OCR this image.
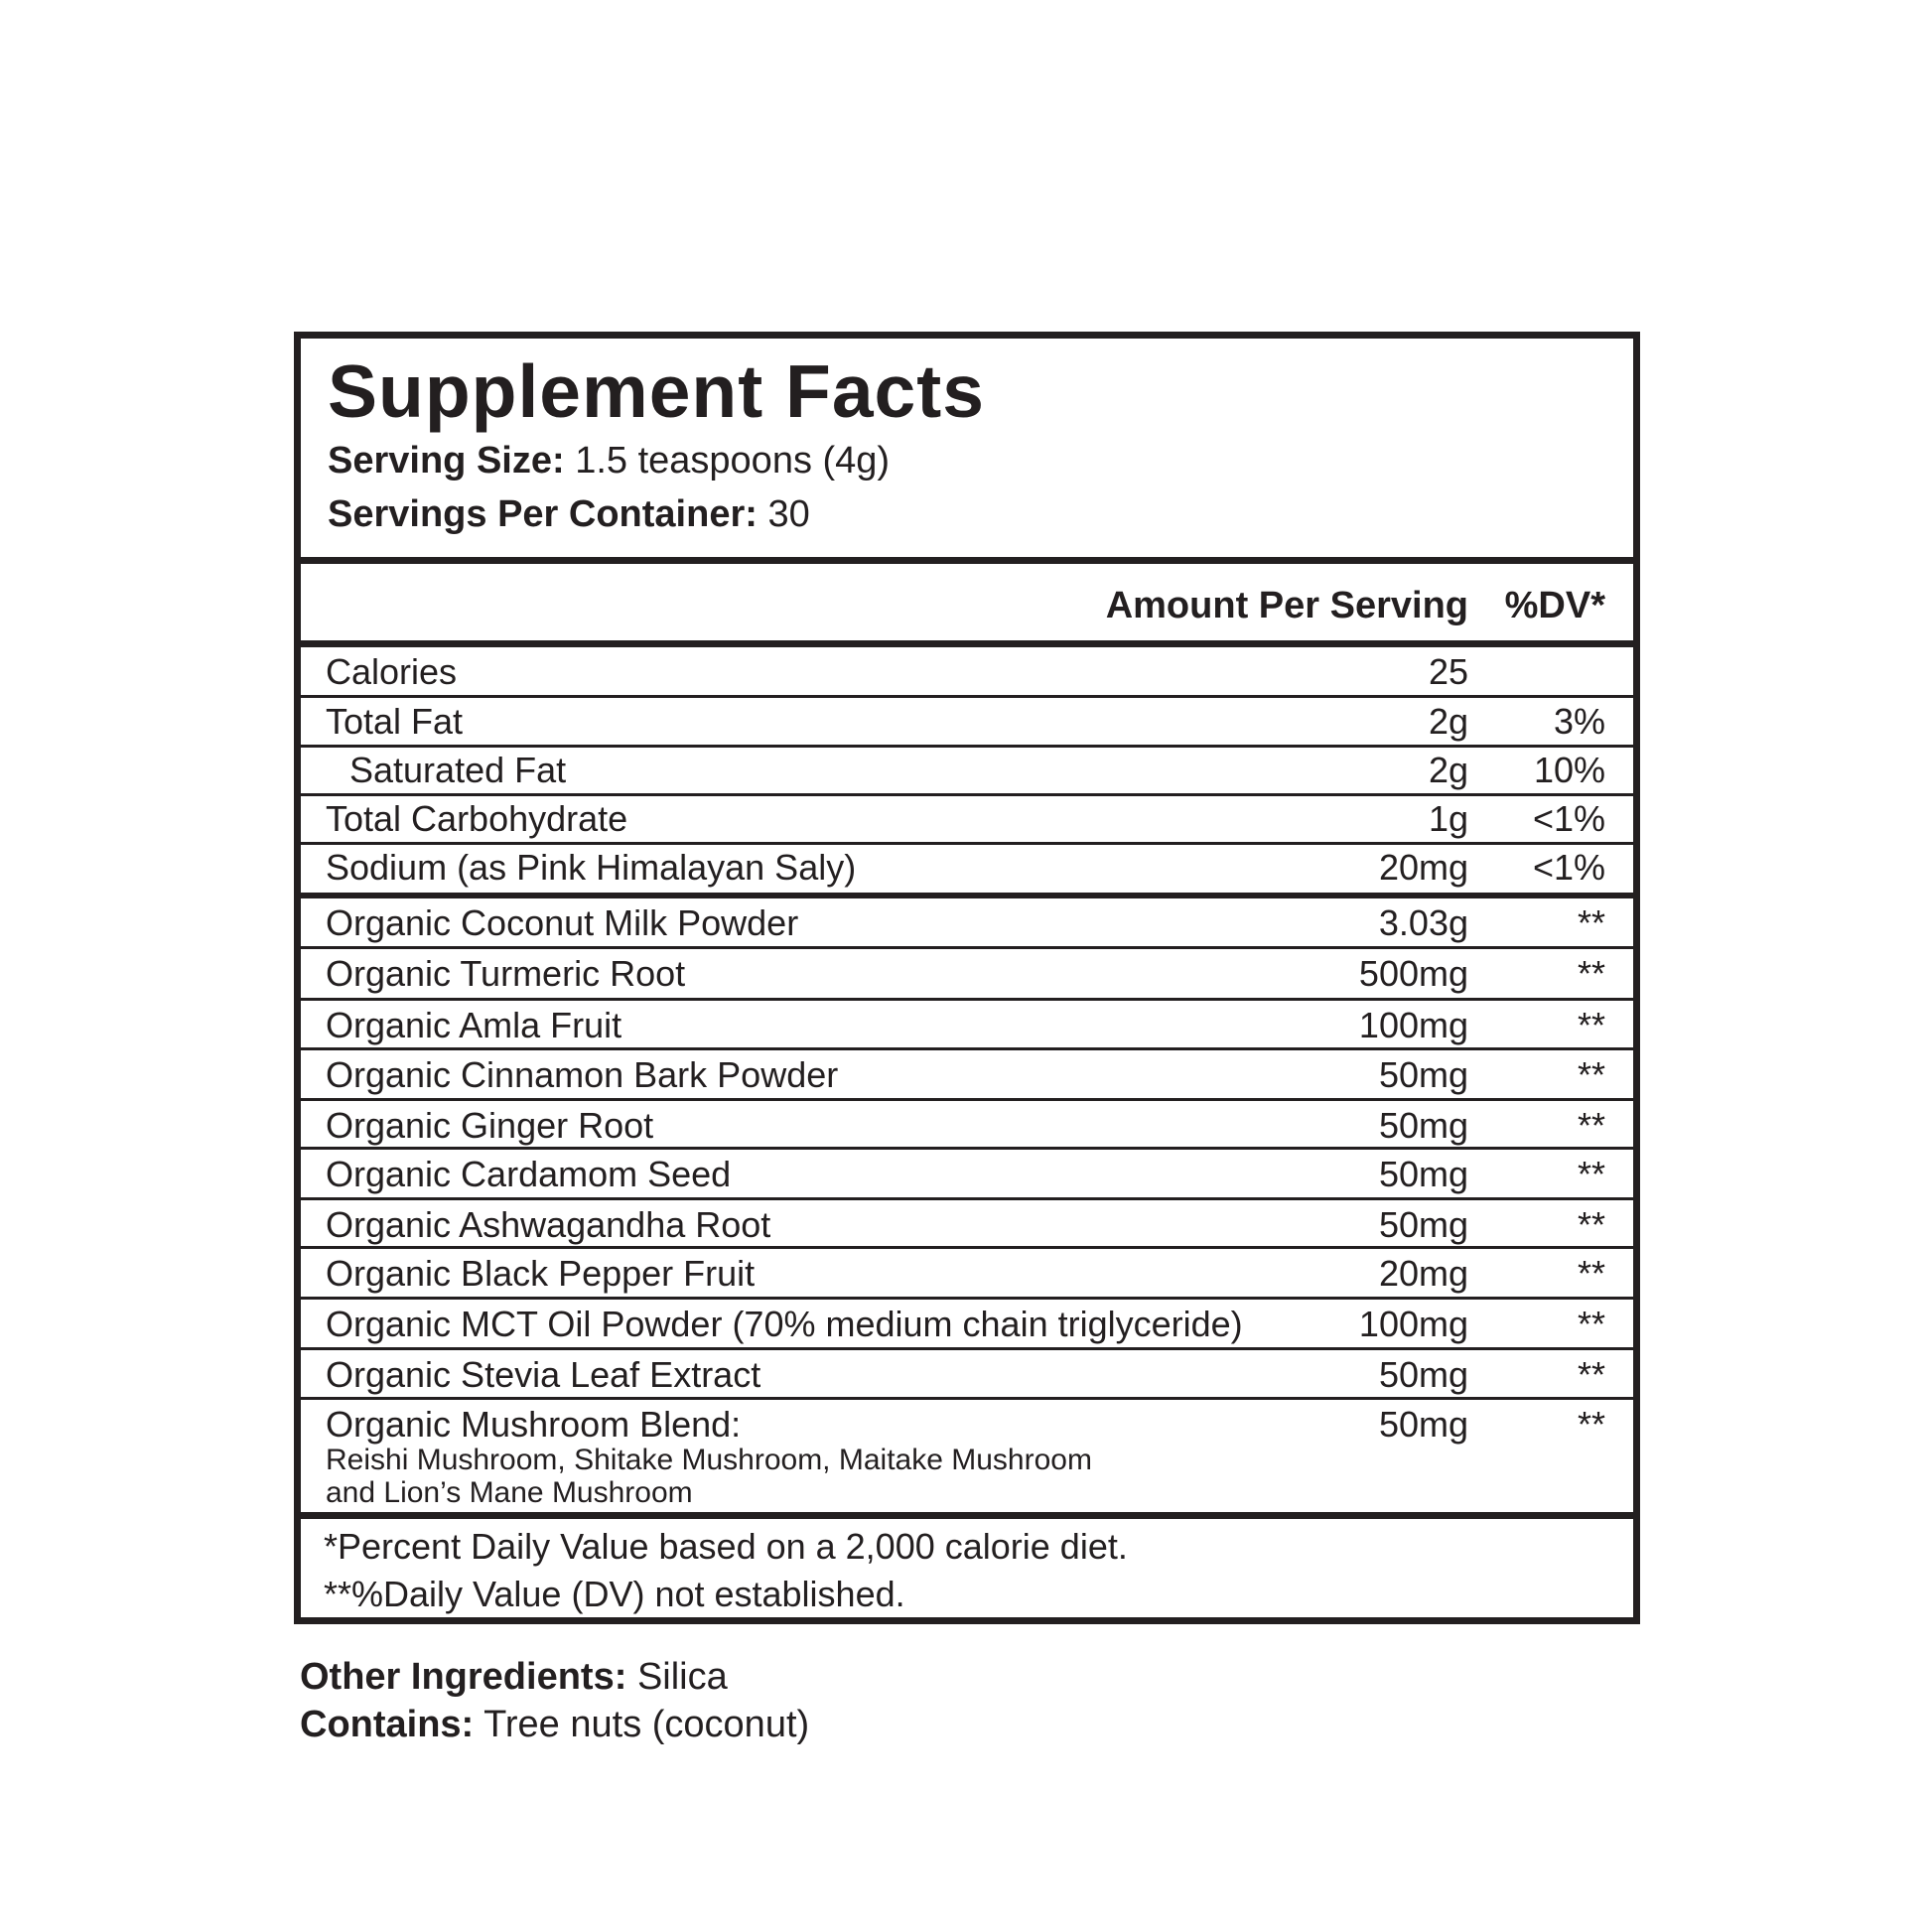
Supplement Facts
Serving Size: 1.5 teaspoons (4g)
Servings Per Container: 30
Amount Per Serving %DV*
Calories	25
Total Fat	2g 3%
Saturated Fat	2g 10%
Total Carbohydrate	1g <1%
Sodium (as Pink Himalayan Saly)	20mg <1%
Organic Coconut Milk Powder	3.03g	**
Organic Turmeric Root	500mg	**
Organic Amla Fruit	100mg	**
Organic Cinnamon Bark Powder	50mg	**
Organic Ginger Root	50mg	**
Organic Cardamom Seed	50mg	**
Organic Ashwagandha Root	50mg	**
Organic Black Pepper Fruit	20mg	**
Organic MCT Oil Powder (70% medium chain triglyceride)	100mg	**
Organic Stevia Leaf Extract	50mg	**
Organic Mushroom Blend:	50mg	**
Reishi Mushroom, Shitake Mushroom, Maitake Mushroom
and Lion’s Mane Mushroom
*Percent Daily Value based on a 2,000 calorie diet.
**%Daily Value (DV) not established.
Other Ingredients: Silica
Contains: Tree nuts (coconut)
